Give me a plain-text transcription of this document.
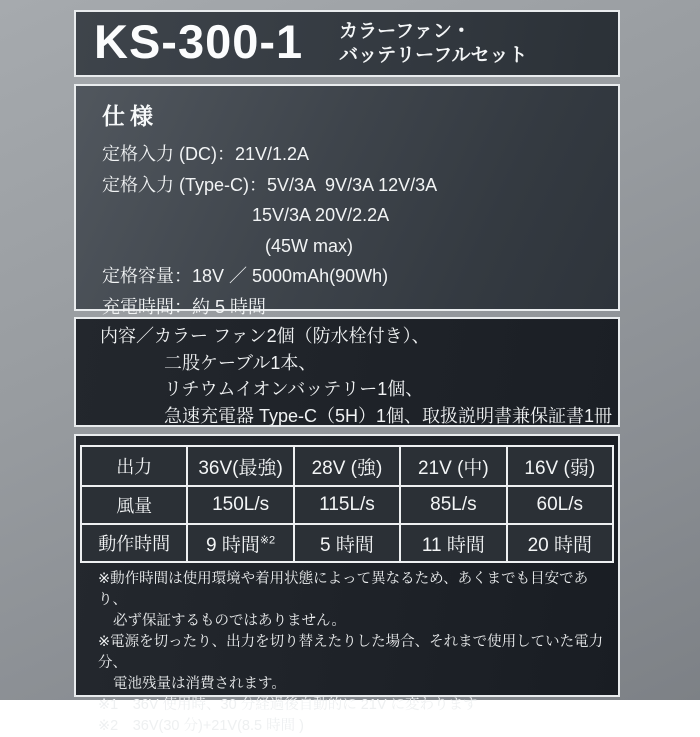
KS-300-1 カラーファン・
バッテリーフルセット
仕様
定格入力 (DC)：21V/1.2A
定格入力 (Type-C)：5V/3A  9V/3A 12V/3A
15V/3A 20V/2.2A
(45W max)
定格容量：18V ／ 5000mAh(90Wh)
充電時間：約 5 時間
内容／カラー ファン2個（防水栓付き）、
二股ケーブル1本、
リチウムイオンバッテリー1個、
急速充電器 Type-C（5H）1個、取扱説明書兼保証書1冊
出力	36V(最強)	28V (強)	21V (中)	16V (弱)
風量	150L/s	115L/s	85L/s	60L/s
動作時間	9 時間$^{※2}$	5 時間	11 時間	20 時間
※動作時間は使用環境や着用状態によって異なるため、あくまでも目安であり、
必ず保証するものではありません。
※電源を切ったり、出力を切り替えたりした場合、それまで使用していた電力分、
電池残量は消費されます。
※1　36V 使用時、30 分経過後自動的に 21V に変わります
※2　36V(30 分)+21V(8.5 時間 )
